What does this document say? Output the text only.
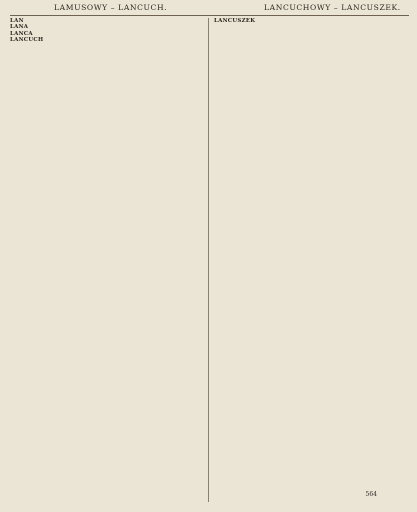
LAMUSOWY – LANCUCH.	LANCUCHOWY – LANCUSZEK.

LAN

LANA

LANCA

LANCUCH

LANCUSZEK

564
